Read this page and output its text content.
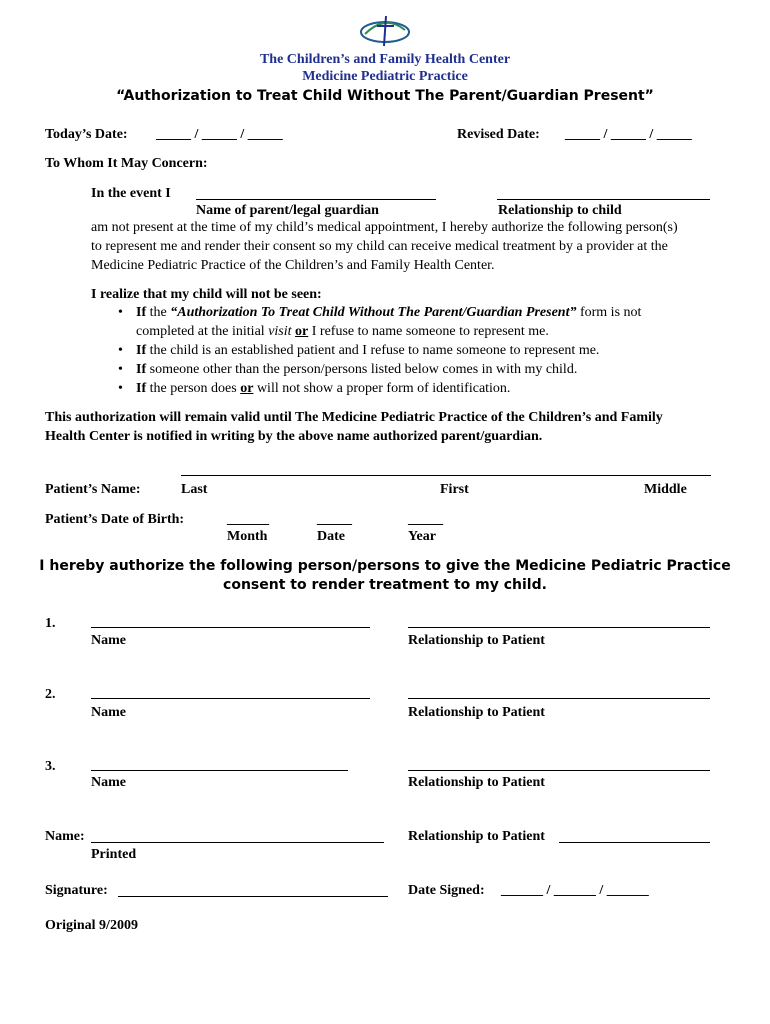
The Children’s and Family Health Center
Medicine Pediatric Practice
“Authorization to Treat Child Without The Parent/Guardian Present”
Today’s Date: _____ / _____ / _____	Revised Date: _____ / _____ / _____
To Whom It May Concern:
In the event I
Name of parent/legal guardian	Relationship to child
am not present at the time of my child’s medical appointment, I hereby authorize the following person(s)
to represent me and render their consent so my child can receive medical treatment by a provider at the
Medicine Pediatric Practice of the Children’s and Family Health Center.
I realize that my child will not be seen:
• If the “Authorization To Treat Child Without The Parent/Guardian Present” form is not
completed at the initial visit or I refuse to name someone to represent me.
• If the child is an established patient and I refuse to name someone to represent me.
• If someone other than the person/persons listed below comes in with my child.
• If the person does or will not show a proper form of identification.
This authorization will remain valid until The Medicine Pediatric Practice of the Children’s and Family
Health Center is notified in writing by the above name authorized parent/guardian.
Patient’s Name:	Last	First	Middle
Patient’s Date of Birth:	______	_____	_____
Month	Date	Year
I hereby authorize the following person/persons to give the Medicine Pediatric Practice
consent to render treatment to my child.
1.
Name	Relationship to Patient
2.
Name	Relationship to Patient
3.
Name	Relationship to Patient
Name:
Printed
Relationship to Patient
Signature:	Date Signed: ______ / ______ / ______
Original 9/2009
